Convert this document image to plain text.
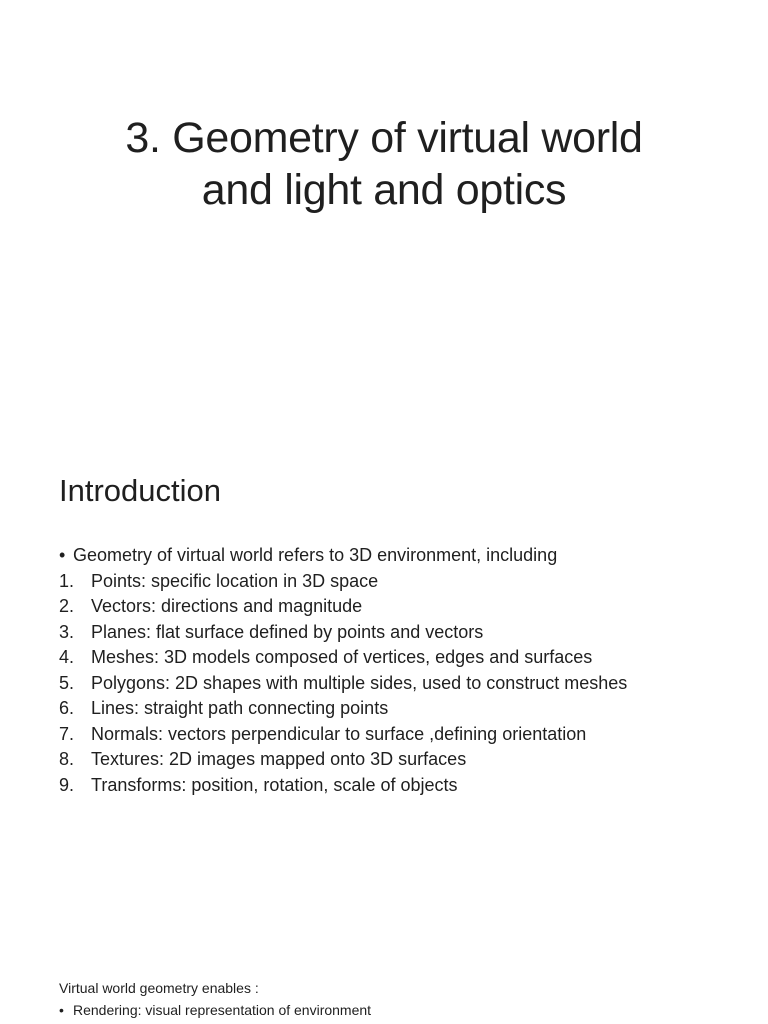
3. Geometry of virtual world
and light and optics
Introduction
• Geometry of virtual world refers to 3D environment, including
1. Points: specific location in 3D space
2. Vectors: directions and magnitude
3. Planes: flat surface defined by points and vectors
4. Meshes: 3D models composed of vertices, edges and surfaces
5. Polygons: 2D shapes with multiple sides, used to construct meshes
6. Lines: straight path connecting points
7. Normals: vectors perpendicular to surface ,defining orientation
8. Textures: 2D images mapped onto 3D surfaces
9. Transforms: position, rotation, scale of objects
Virtual world geometry enables :
• Rendering: visual representation of environment
